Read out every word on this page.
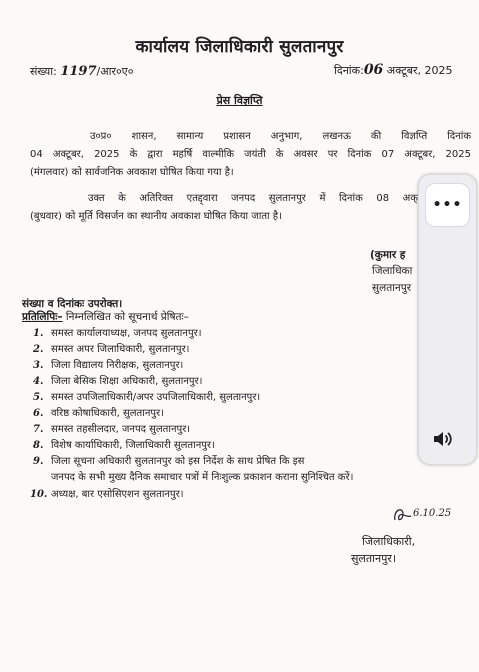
कार्यालय जिलाधिकारी सुलतानपुर
संख्या: 1197/आर०ए०	दिनांक:06 अक्टूबर, 2025
प्रेस विज्ञप्ति
उ०प्र० शासन, सामान्य प्रशासन अनुभाग, लखनऊ की विज्ञप्ति दिनांक
04 अक्टूबर, 2025 के द्वारा महर्षि वाल्मीकि जयंती के अवसर पर दिनांक 07 अक्टूबर, 2025
(मंगलवार) को सार्वजनिक अवकाश घोषित किया गया है।
उक्त के अतिरिक्त एतद्द्वारा जनपद सुलतानपुर में दिनांक 08 अक्
(बुधवार) को मूर्ति विसर्जन का स्थानीय अवकाश घोषित किया जाता है।
(कुमार ह
जिलाधिका
सुलतानपुर
संख्या व दिनांकः उपरोक्त।
प्रतिलिपिः– निम्नलिखित को सूचनार्थ प्रेषितः–
1. समस्त कार्यालयाध्यक्ष, जनपद सुलतानपुर।
2. समस्त अपर जिलाधिकारी, सुलतानपुर।
3. जिला विद्यालय निरीक्षक, सुलतानपुर।
4. जिला बेसिक शिक्षा अधिकारी, सुलतानपुर।
5. समस्त उपजिलाधिकारी/अपर उपजिलाधिकारी, सुलतानपुर।
6. वरिष्ठ कोषाधिकारी, सुलतानपुर।
7. समस्त तहसीलदार, जनपद सुलतानपुर।
8. विशेष कार्याधिकारी, जिलाधिकारी सुलतानपुर।
9. जिला सूचना अधिकारी सुलतानपुर को इस निर्देश के साथ प्रेषित कि इस
जनपद के सभी मुख्य दैनिक समाचार पत्रों में निःशुल्क प्रकाशन कराना सुनिश्चित करें।
10. अध्यक्ष, बार एसोसिएशन सुलतानपुर।
6.10.25
जिलाधिकारी,
सुलतानपुर।
•••
